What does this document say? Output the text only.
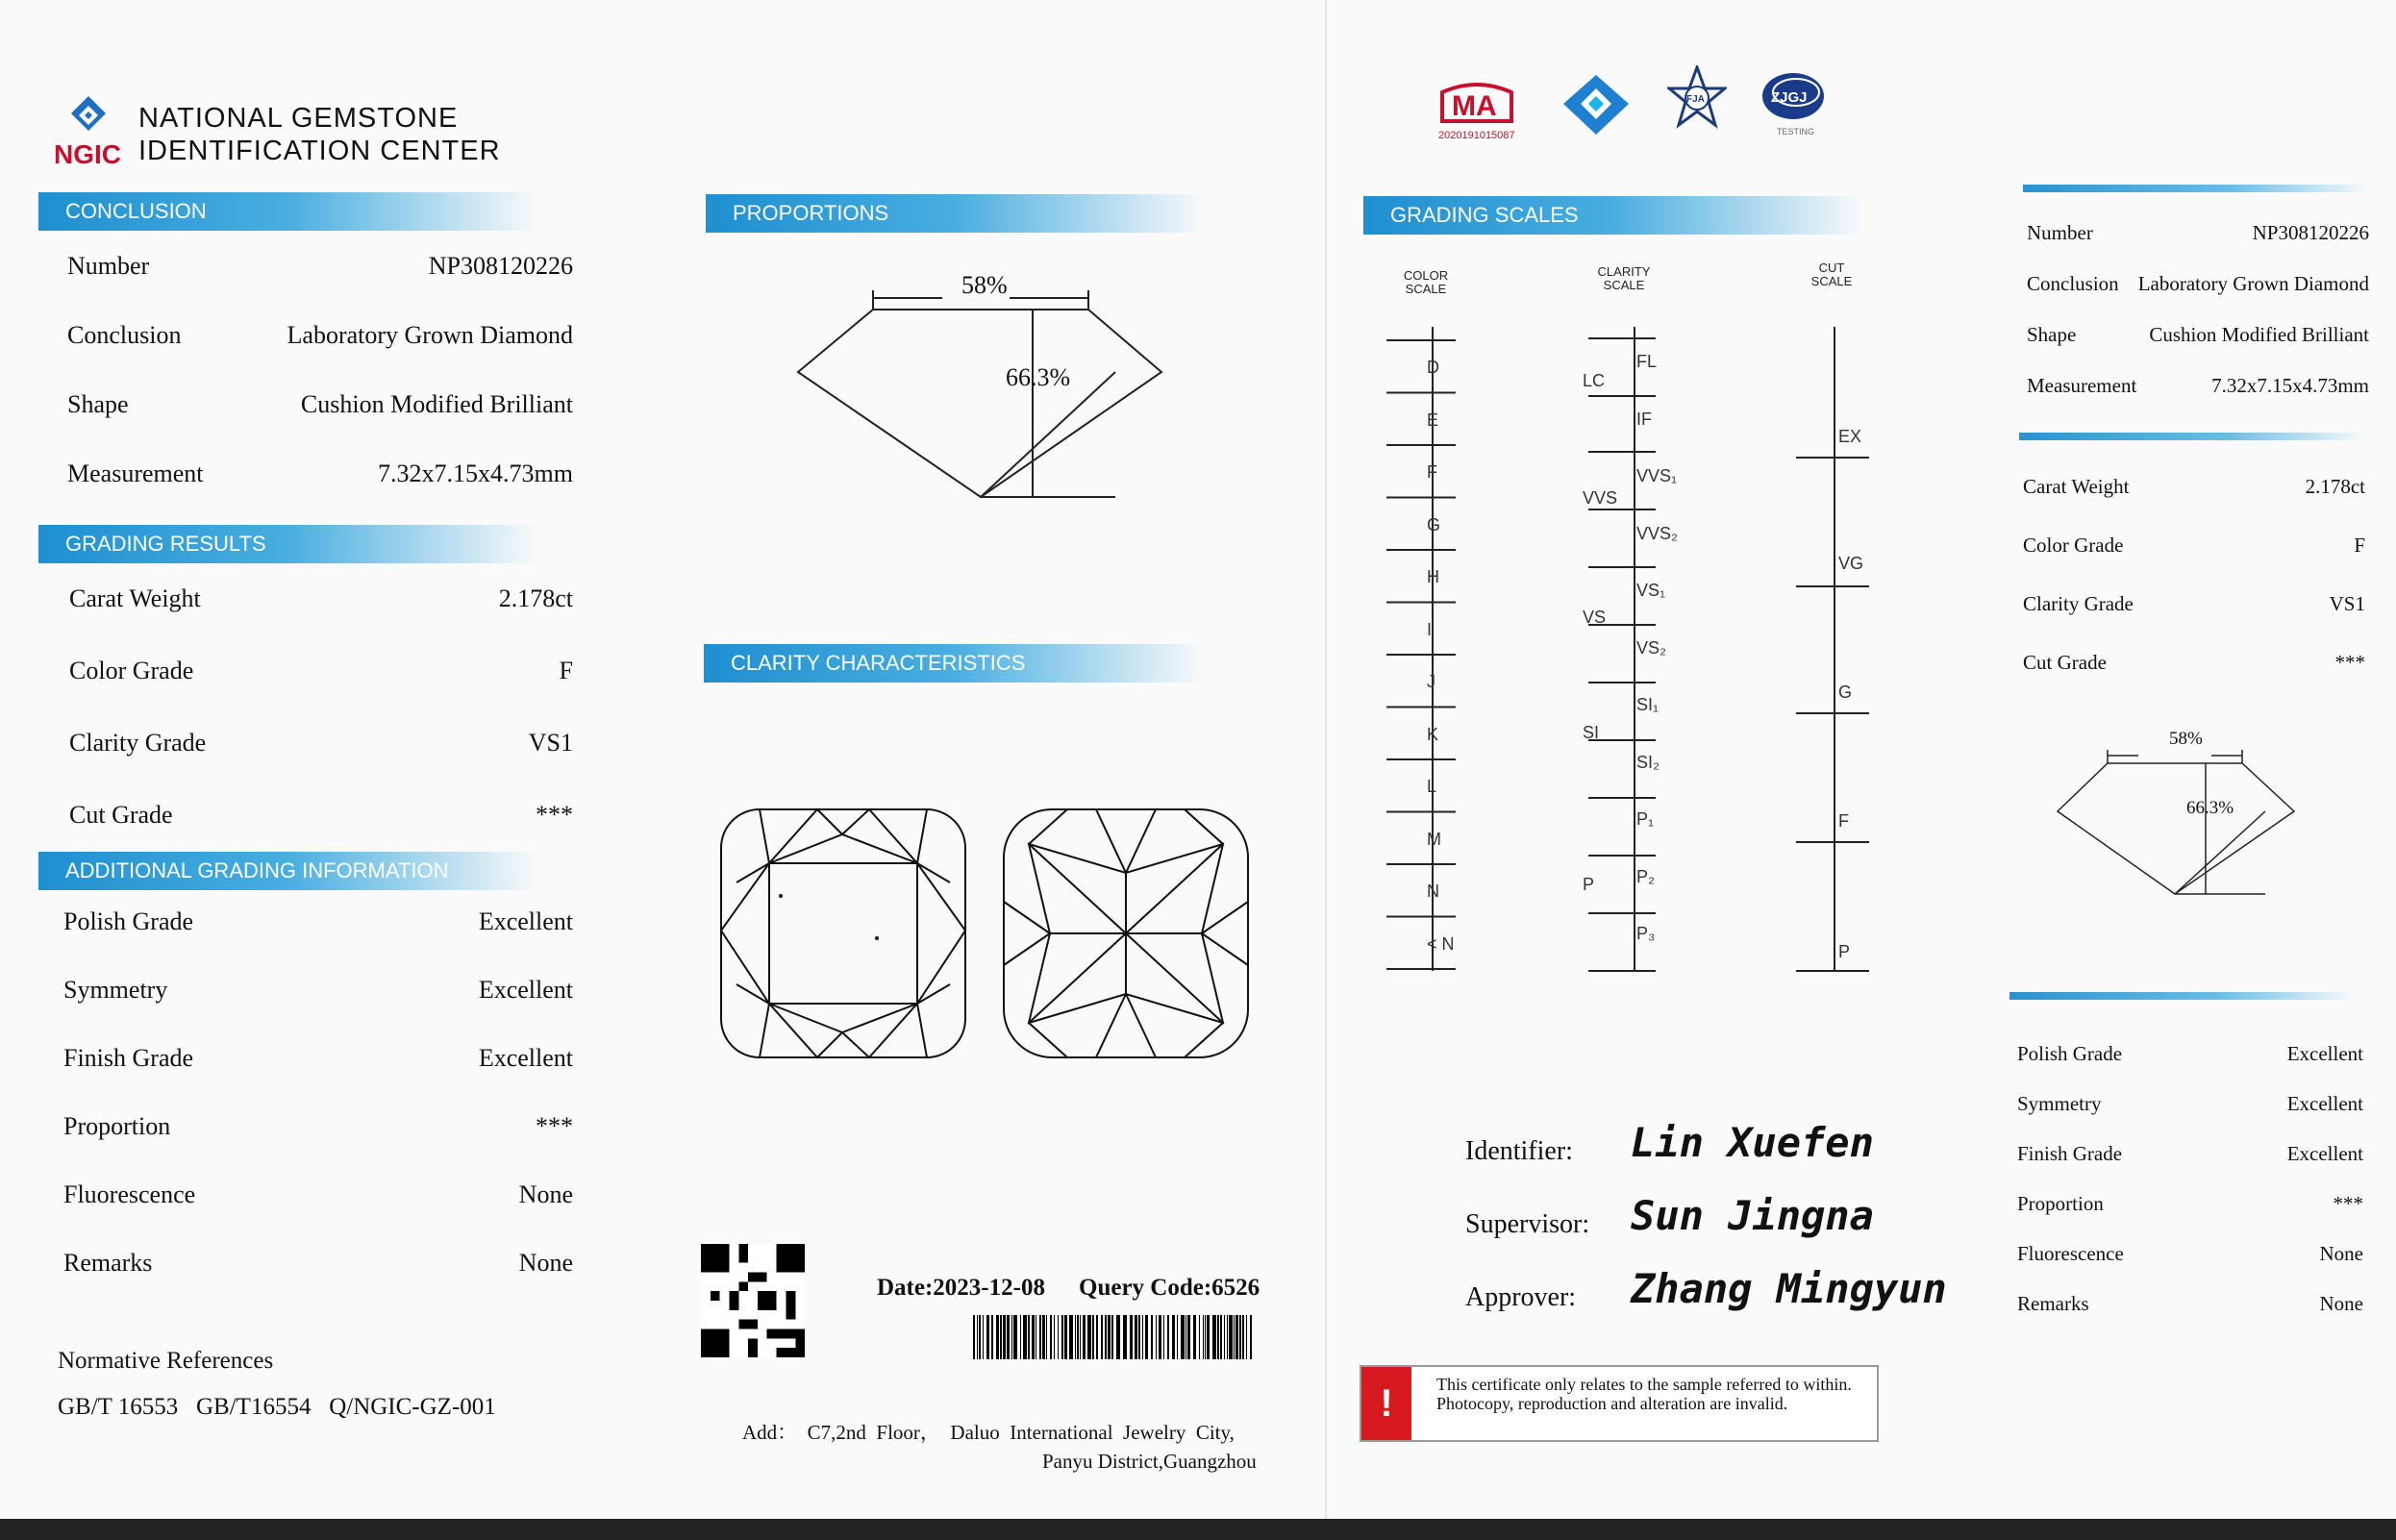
NGIC
NATIONAL GEMSTONE
IDENTIFICATION CENTER
CONCLUSION
Number	NP308120226
Conclusion	Laboratory Grown Diamond
Shape	Cushion Modified Brilliant
Measurement	7.32x7.15x4.73mm
GRADING RESULTS
Carat Weight	2.178ct
Color Grade	F
Clarity Grade	VS1
Cut Grade	***
ADDITIONAL GRADING INFORMATION
Polish Grade	Excellent
Symmetry	Excellent
Finish Grade	Excellent
Proportion	***
Fluorescence	None
Remarks	None
Normative References
GB/T 16553   GB/T16554   Q/NGIC-GZ-001
PROPORTIONS
58%
66.3%
CLARITY CHARACTERISTICS
Date:2023-12-08 Query Code:6526
Add：  C7,2nd  Floor，  Daluo  International  Jewelry  City,
Panyu District,Guangzhou
MA
2020191015087
FJA	ZJGJ
TESTING
GRADING SCALES
COLOR
SCALE
CLARITY
SCALE
CUT
SCALE
D
E
F
G
H
I
J
K
L
M
N
< N
FL
IF
VVS₁
VVS₂
VS₁
VS₂
SI₁
SI₂
P₁
P₂
P₃
LC
VVS
VS
SI
P
EX
VG
G
F
P
Identifier: Lin Xuefen
Supervisor: Sun Jingna
Approver: Zhang Mingyun
!	This certificate only relates to the sample referred to within. Photocopy, reproduction and alteration are invalid.
Number	NP308120226
Conclusion Laboratory Grown Diamond
Shape	Cushion Modified Brilliant
Measurement	7.32x7.15x4.73mm
Carat Weight	2.178ct
Color Grade	F
Clarity Grade	VS1
Cut Grade	***
58%
66.3%
Polish Grade	Excellent
Symmetry	Excellent
Finish Grade	Excellent
Proportion	***
Fluorescence	None
Remarks	None
